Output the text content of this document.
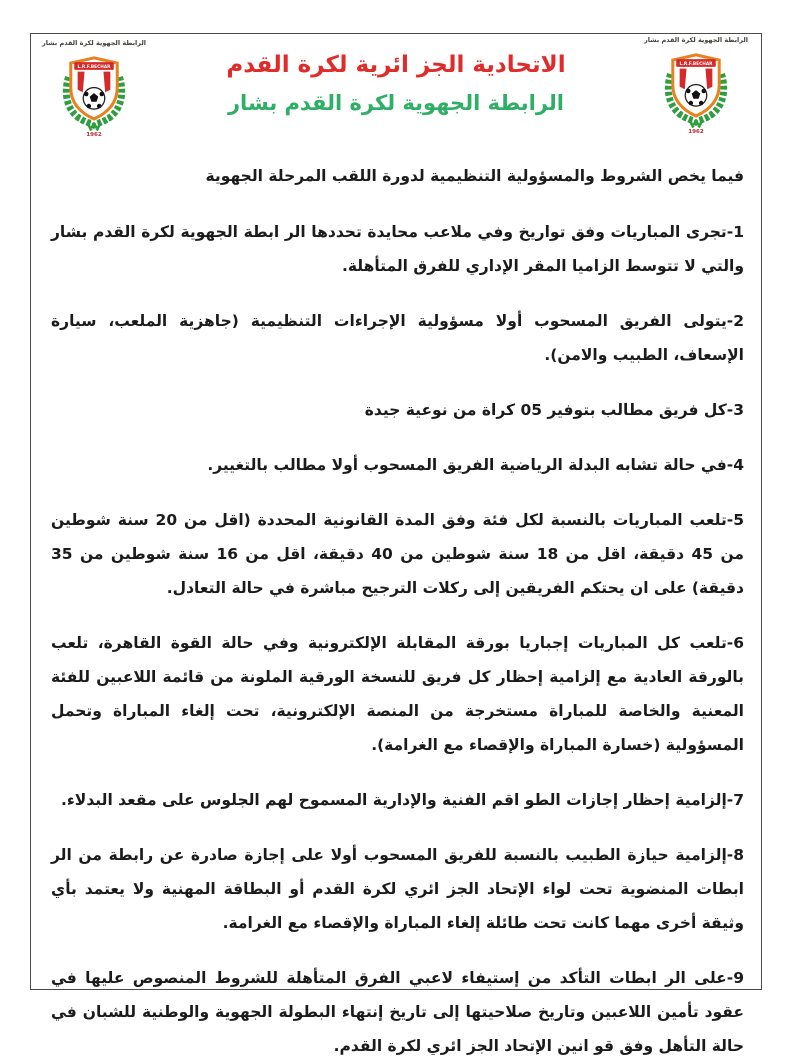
الرابطة الجهوية لكرة القدم بشار
الرابطة الجهوية لكرة القدم بشار
الاتحادية الجز ائرية لكرة القدم
الرابطة الجهوية لكرة القدم بشار

فيما يخص الشروط والمسؤولية التنظيمية لدورة اللقب المرحلة الجهوية

1-تجرى المباريات وفق تواريخ وفي ملاعب محايدة تحددها الر ابطة الجهوية لكرة القدم بشار والتي لا تتوسط الزاميا المقر الإداري للفرق المتأهلة.

2-يتولى الفريق المسحوب أولا مسؤولية الإجراءات التنظيمية (جاهزية الملعب، سيارة الإسعاف، الطبيب والامن).

3-كل فريق مطالب بتوفير 05 كراة من نوعية جيدة

4-في حالة تشابه البدلة الرياضية الفريق المسحوب أولا مطالب بالتغيير.

5-تلعب المباريات بالنسبة لكل فئة وفق المدة القانونية المحددة (اقل من 20 سنة شوطين من 45 دقيقة، اقل من 18 سنة شوطين من 40 دقيقة، اقل من 16 سنة شوطين من 35 دقيقة) على ان يحتكم الفريقين إلى ركلات الترجيح مباشرة في حالة التعادل.

6-تلعب كل المباريات إجباريا بورقة المقابلة الإلكترونية وفي حالة القوة القاهرة، تلعب بالورقة العادية مع إلزامية إحظار كل فريق للنسخة الورقية الملونة من قائمة اللاعبين للفئة المعنية والخاصة للمباراة مستخرجة من المنصة الإلكترونية، تحت إلغاء المباراة وتحمل المسؤولية (خسارة المباراة والإقصاء مع الغرامة).

7-إلزامية إحظار إجازات الطو اقم الفنية والإدارية المسموح لهم الجلوس على مقعد البدلاء.

8-إلزامية حيازة الطبيب بالنسبة للفريق المسحوب أولا على إجازة صادرة عن رابطة من الر ابطات المنضوية تحت لواء الإتحاد الجز ائري لكرة القدم أو البطاقة المهنية ولا يعتمد بأي وثيقة أخرى مهما كانت تحت طائلة إلغاء المباراة والإقصاء مع الغرامة.

9-على الر ابطات التأكد من إستيفاء لاعبي الفرق المتأهلة للشروط المنصوص عليها في عقود تأمين اللاعبين وتاريخ صلاحيتها إلى تاريخ إنتهاء البطولة الجهوية والوطنية للشبان في حالة التأهل وفق قو انين الإتحاد الجز ائري لكرة القدم.
